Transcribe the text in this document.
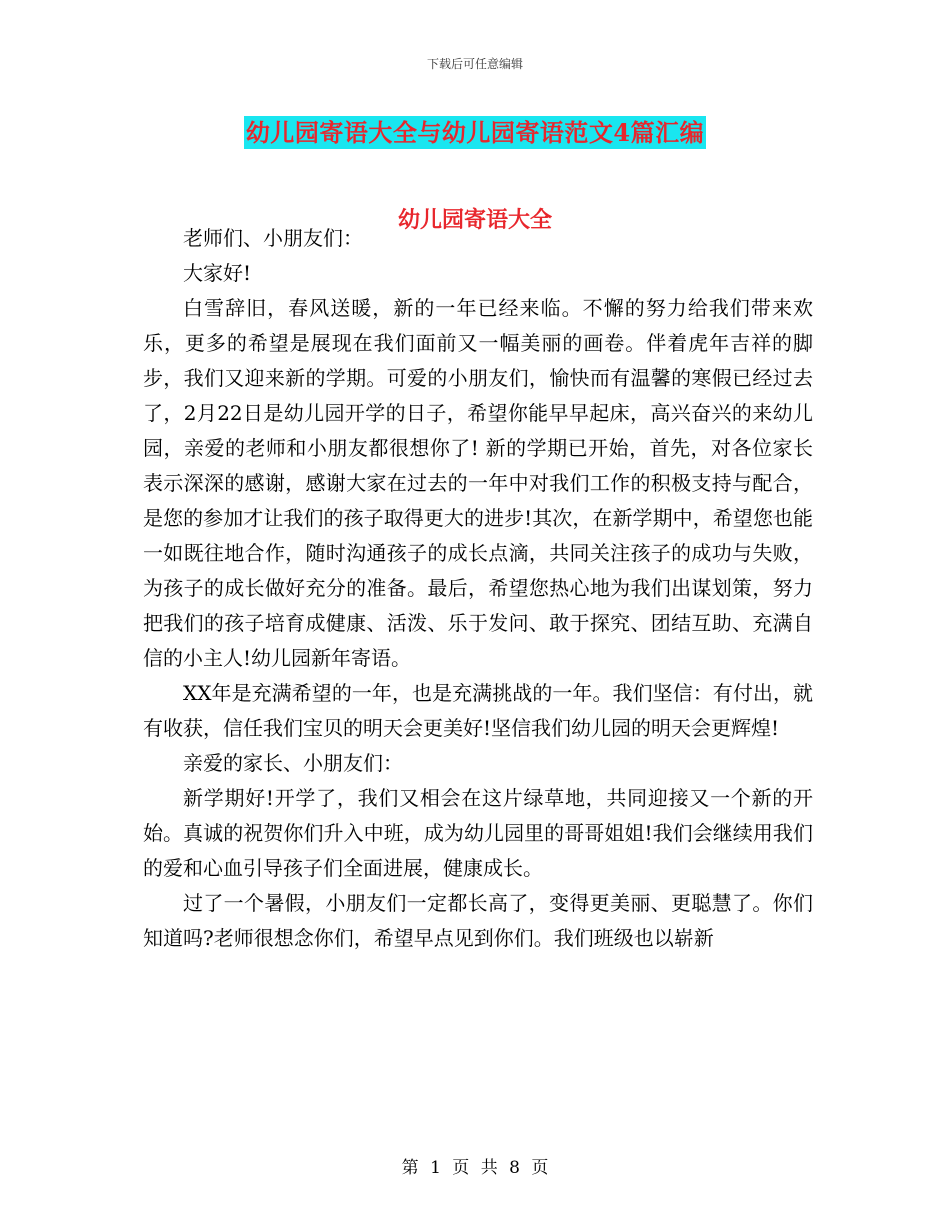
下载后可任意编辑
幼儿园寄语大全与幼儿园寄语范文4篇汇编
幼儿园寄语大全

老师们、小朋友们：

大家好!

白雪辞旧，春风送暖，新的一年已经来临。不懈的努力给我们带来欢乐，更多的希望是展现在我们面前又一幅美丽的画卷。伴着虎年吉祥的脚步，我们又迎来新的学期。可爱的小朋友们，愉快而有温馨的寒假已经过去了，2月22日是幼儿园开学的日子，希望你能早早起床，高兴奋兴的来幼儿园，亲爱的老师和小朋友都很想你了! 新的学期已开始，首先，对各位家长表示深深的感谢，感谢大家在过去的一年中对我们工作的积极支持与配合，是您的参加才让我们的孩子取得更大的进步!其次，在新学期中，希望您也能一如既往地合作，随时沟通孩子的成长点滴，共同关注孩子的成功与失败，为孩子的成长做好充分的准备。最后，希望您热心地为我们出谋划策，努力把我们的孩子培育成健康、活泼、乐于发问、敢于探究、团结互助、充满自信的小主人!幼儿园新年寄语。

XX年是充满希望的一年，也是充满挑战的一年。我们坚信：有付出，就有收获，信任我们宝贝的明天会更美好!坚信我们幼儿园的明天会更辉煌!

亲爱的家长、小朋友们：

新学期好!开学了，我们又相会在这片绿草地，共同迎接又一个新的开始。真诚的祝贺你们升入中班，成为幼儿园里的哥哥姐姐!我们会继续用我们的爱和心血引导孩子们全面进展，健康成长。

过了一个暑假，小朋友们一定都长高了，变得更美丽、更聪慧了。你们知道吗?老师很想念你们，希望早点见到你们。我们班级也以崭新

第 1 页 共 8 页
